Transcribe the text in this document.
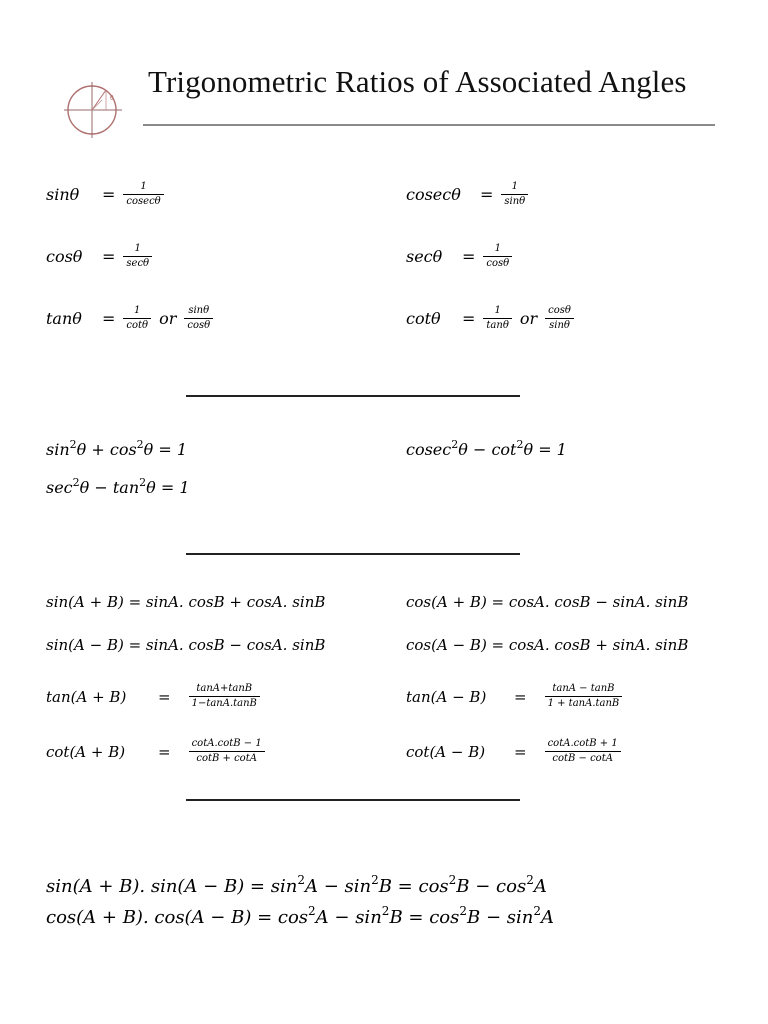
θ Trigonometric Ratios of Associated Angles
sinθ	= $\frac{1}{cosec\theta}$	cosecθ	= $\frac{1}{\sin\theta}$
cosθ	= $\frac{1}{\sec\theta}$	secθ	= $\frac{1}{\cos\theta}$
tanθ	= $\frac{1}{\cot\theta}$ or $\frac{\sin\theta}{\cos\theta}$	cotθ	= $\frac{1}{\tan\theta}$ or $\frac{\cos\theta}{\sin\theta}$
$\sin^2\theta + \cos^2\theta = 1$	$cosec^2\theta - \cot^2\theta = 1$
$\sec^2\theta - \tan^2\theta = 1$
sin(A + B) = sinA. cosB + cosA. sinB	cos(A + B) = cosA. cosB − sinA. sinB
sin(A − B) = sinA. cosB − cosA. sinB	cos(A − B) = cosA. cosB + sinA. sinB
tan(A + B)	= $\frac{\tan A+\tan B}{1-\tan A.\tan B}$	tan(A − B)	= $\frac{\tan A - \tan B}{1 + \tan A.\tan B}$
cot(A + B)	= $\frac{\cot A.\cot B - 1}{\cot B + \cot A}$	cot(A − B)	= $\frac{\cot A.\cot B + 1}{\cot B - \cot A}$
sin(A + B). $\sin(A - B) = \sin^2A - \sin^2B = \cos^2B - \cos^2A$
cos(A + B). $\cos(A - B) = \cos^2A - \sin^2B = \cos^2B - \sin^2A$
